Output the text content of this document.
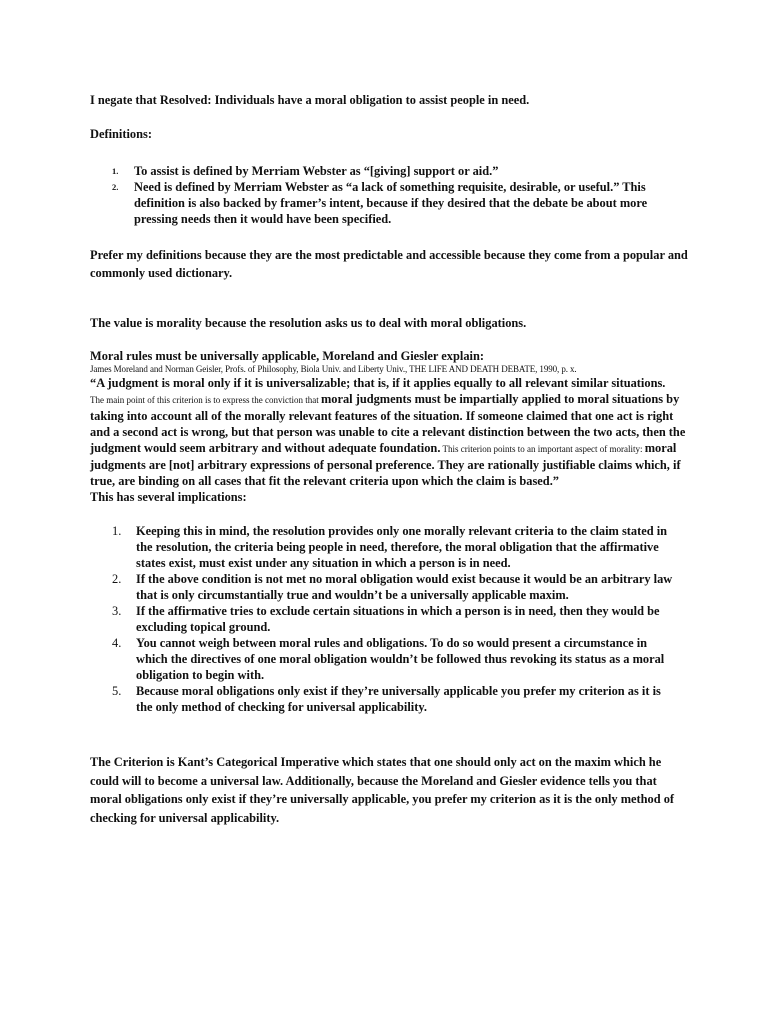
I negate that Resolved: Individuals have a moral obligation to assist people in need.

Definitions:

1.	To assist is defined by Merriam Webster as “[giving] support or aid.”
2.	Need is defined by Merriam Webster as “a lack of something requisite, desirable, or useful.” This definition is also backed by framer’s intent, because if they desired that the debate be about more pressing needs then it would have been specified.

Prefer my definitions because they are the most predictable and accessible because they come from a popular and commonly used dictionary.

The value is morality because the resolution asks us to deal with moral obligations.

Moral rules must be universally applicable, Moreland and Giesler explain:

James Moreland and Norman Geisler, Profs. of Philosophy, Biola Univ. and Liberty Univ., THE LIFE AND DEATH DEBATE, 1990, p. x.

“A judgment is moral only if it is universalizable; that is, if it applies equally to all relevant similar situations.
The main point of this criterion is to express the conviction that moral judgments must be impartially applied to moral situations by taking into account all of the morally relevant features of the situation. If someone claimed that one act is right and a second act is wrong, but that person was unable to cite a relevant distinction between the two acts, then the judgment would seem arbitrary and without adequate foundation. This criterion points to an important aspect of morality: moral judgments are [not] arbitrary expressions of personal preference. They are rationally justifiable claims which, if true, are binding on all cases that fit the relevant criteria upon which the claim is based.”

This has several implications:

1.	Keeping this in mind, the resolution provides only one morally relevant criteria to the claim stated in the resolution, the criteria being people in need, therefore, the moral obligation that the affirmative states exist, must exist under any situation in which a person is in need.
2.	If the above condition is not met no moral obligation would exist because it would be an arbitrary law that is only circumstantially true and wouldn’t be a universally applicable maxim.
3.	If the affirmative tries to exclude certain situations in which a person is in need, then they would be excluding topical ground.
4.	You cannot weigh between moral rules and obligations. To do so would present a circumstance in which the directives of one moral obligation wouldn’t be followed thus revoking its status as a moral obligation to begin with.
5.	Because moral obligations only exist if they’re universally applicable you prefer my criterion as it is the only method of checking for universal applicability.

The Criterion is Kant’s Categorical Imperative which states that one should only act on the maxim which he could will to become a universal law. Additionally, because the Moreland and Giesler evidence tells you that moral obligations only exist if they’re universally applicable, you prefer my criterion as it is the only method of checking for universal applicability.
